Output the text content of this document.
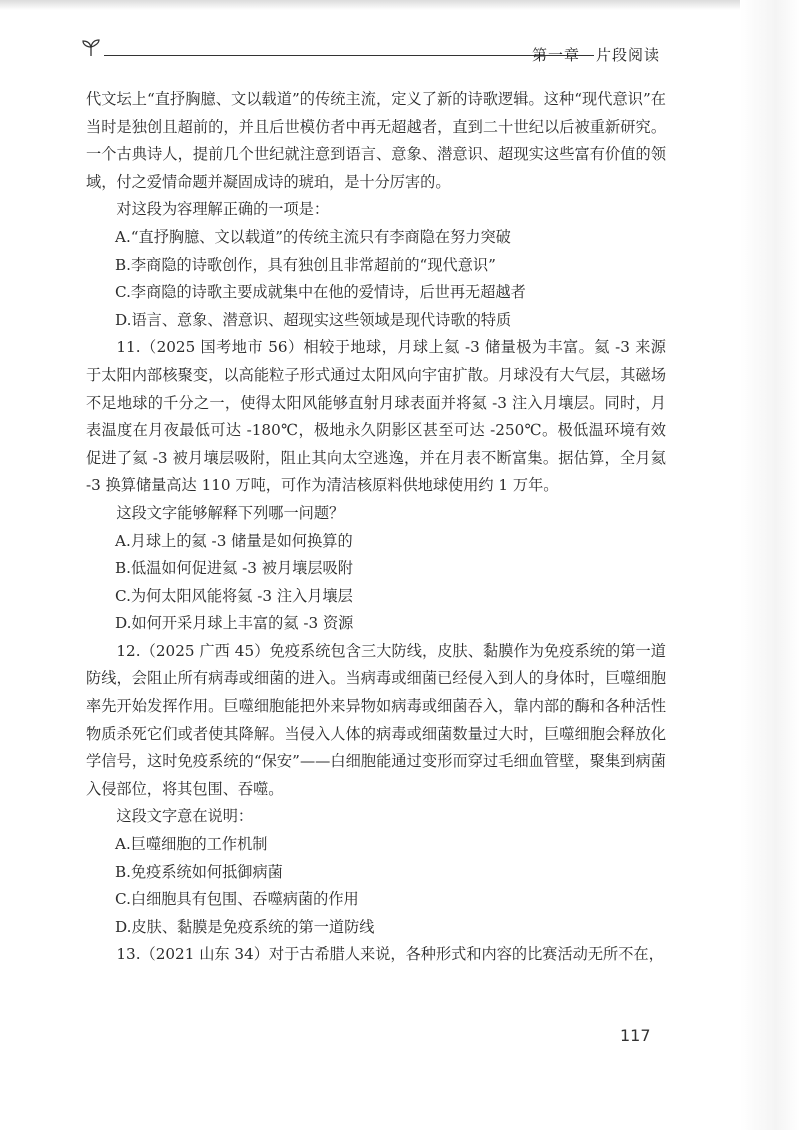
第一章　片段阅读

代文坛上“直抒胸臆、文以载道”的传统主流，定义了新的诗歌逻辑。这种“现代意识”在当时是独创且超前的，并且后世模仿者中再无超越者，直到二十世纪以后被重新研究。一个古典诗人，提前几个世纪就注意到语言、意象、潜意识、超现实这些富有价值的领域，付之爱情命题并凝固成诗的琥珀，是十分厉害的。

对这段为容理解正确的一项是：

A.“直抒胸臆、文以载道”的传统主流只有李商隐在努力突破

B.李商隐的诗歌创作，具有独创且非常超前的“现代意识”

C.李商隐的诗歌主要成就集中在他的爱情诗，后世再无超越者

D.语言、意象、潜意识、超现实这些领域是现代诗歌的特质

11.（2025 国考地市 56）相较于地球，月球上氦 -3 储量极为丰富。氦 -3 来源于太阳内部核聚变，以高能粒子形式通过太阳风向宇宙扩散。月球没有大气层，其磁场不足地球的千分之一，使得太阳风能够直射月球表面并将氦 -3 注入月壤层。同时，月表温度在月夜最低可达 -180℃，极地永久阴影区甚至可达 -250℃。极低温环境有效促进了氦 -3 被月壤层吸附，阻止其向太空逃逸，并在月表不断富集。据估算，全月氦 -3 换算储量高达 110 万吨，可作为清洁核原料供地球使用约 1 万年。

这段文字能够解释下列哪一问题？

A.月球上的氦 -3 储量是如何换算的

B.低温如何促进氦 -3 被月壤层吸附

C.为何太阳风能将氦 -3 注入月壤层

D.如何开采月球上丰富的氦 -3 资源

12.（2025 广西 45）免疫系统包含三大防线，皮肤、黏膜作为免疫系统的第一道防线，会阻止所有病毒或细菌的进入。当病毒或细菌已经侵入到人的身体时，巨噬细胞率先开始发挥作用。巨噬细胞能把外来异物如病毒或细菌吞入，靠内部的酶和各种活性物质杀死它们或者使其降解。当侵入人体的病毒或细菌数量过大时，巨噬细胞会释放化学信号，这时免疫系统的“保安”——白细胞能通过变形而穿过毛细血管壁，聚集到病菌入侵部位，将其包围、吞噬。

这段文字意在说明：

A.巨噬细胞的工作机制

B.免疫系统如何抵御病菌

C.白细胞具有包围、吞噬病菌的作用

D.皮肤、黏膜是免疫系统的第一道防线

13.（2021 山东 34）对于古希腊人来说，各种形式和内容的比赛活动无所不在，

117
